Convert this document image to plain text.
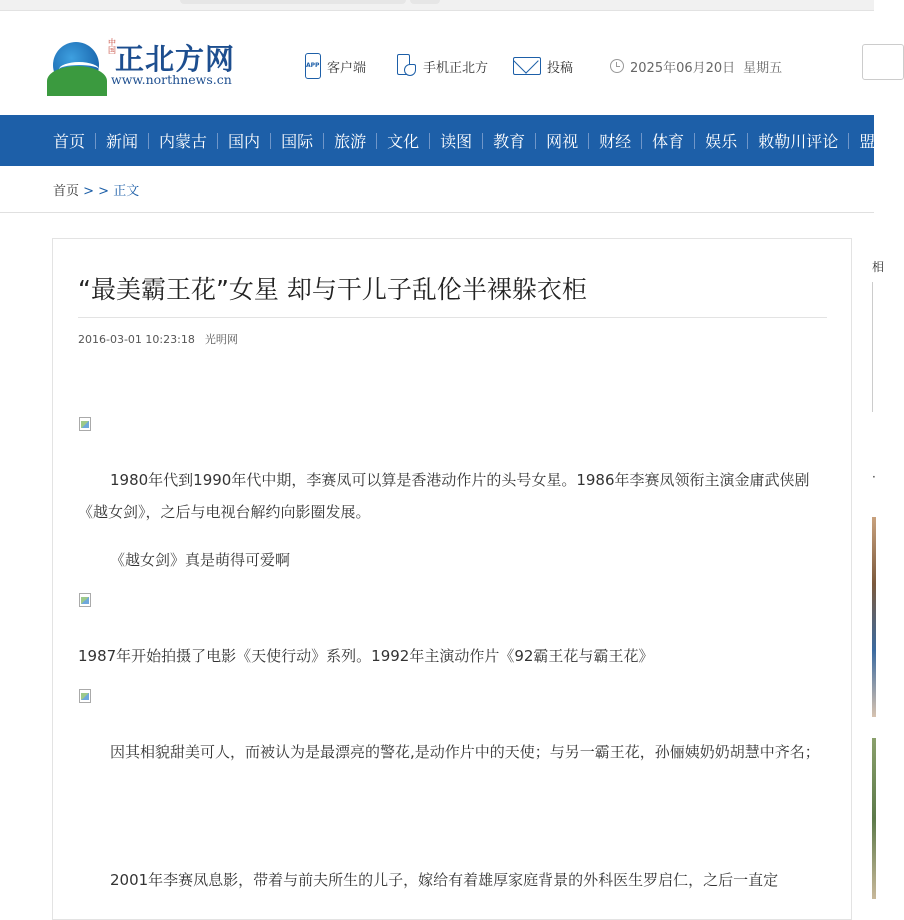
中国 正北方网
www.northnews.cn
APP 客户端	手机正北方	投稿	2025年06月20日 星期五
首页 新闻 内蒙古 国内 国际 旅游 文化 读图 教育 网视 财经 体育 娱乐 敕勒川评论 盟
首页 > > 正文
“最美霸王花”女星 却与干儿子乱伦半裸躲衣柜
2016-03-01 10:23:18 光明网
1980年代到1990年代中期，李赛凤可以算是香港动作片的头号女星。1986年李赛凤领衔主演金庸武侠剧《越女剑》，之后与电视台解约向影圈发展。
《越女剑》真是萌得可爱啊
1987年开始拍摄了电影《天使行动》系列。1992年主演动作片《92霸王花与霸王花》
因其相貌甜美可人，而被认为是最漂亮的警花,是动作片中的天使；与另一霸王花，孙俪姨奶奶胡慧中齐名；
2001年李赛凤息影，带着与前夫所生的儿子，嫁给有着雄厚家庭背景的外科医生罗启仁，之后一直定
相
·
